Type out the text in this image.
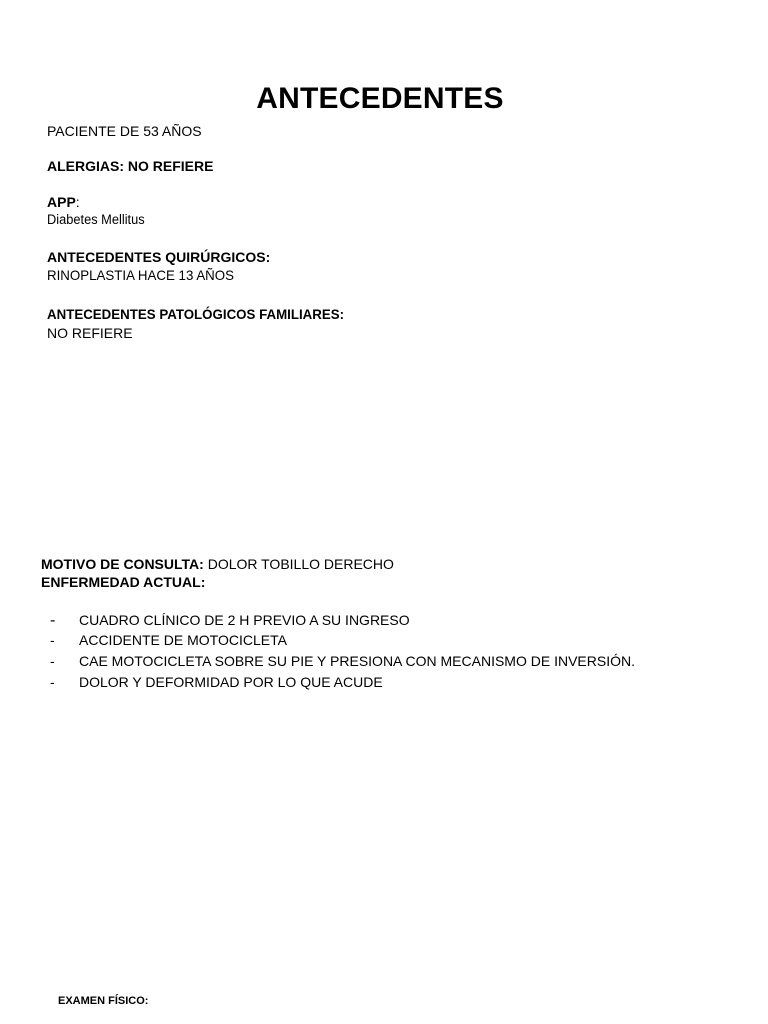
ANTECEDENTES
PACIENTE DE 53 AÑOS
ALERGIAS: NO REFIERE
APP:
Diabetes Mellitus
ANTECEDENTES QUIRÚRGICOS:
RINOPLASTIA HACE 13 AÑOS
ANTECEDENTES PATOLÓGICOS FAMILIARES:
NO REFIERE
MOTIVO DE CONSULTA: DOLOR TOBILLO DERECHO
ENFERMEDAD ACTUAL:
-	CUADRO CLÍNICO DE 2 H PREVIO A SU INGRESO
-	ACCIDENTE DE MOTOCICLETA
-	CAE MOTOCICLETA SOBRE SU PIE Y PRESIONA CON MECANISMO DE INVERSIÓN.
-	DOLOR Y DEFORMIDAD POR LO QUE ACUDE
EXAMEN FÍSICO:
